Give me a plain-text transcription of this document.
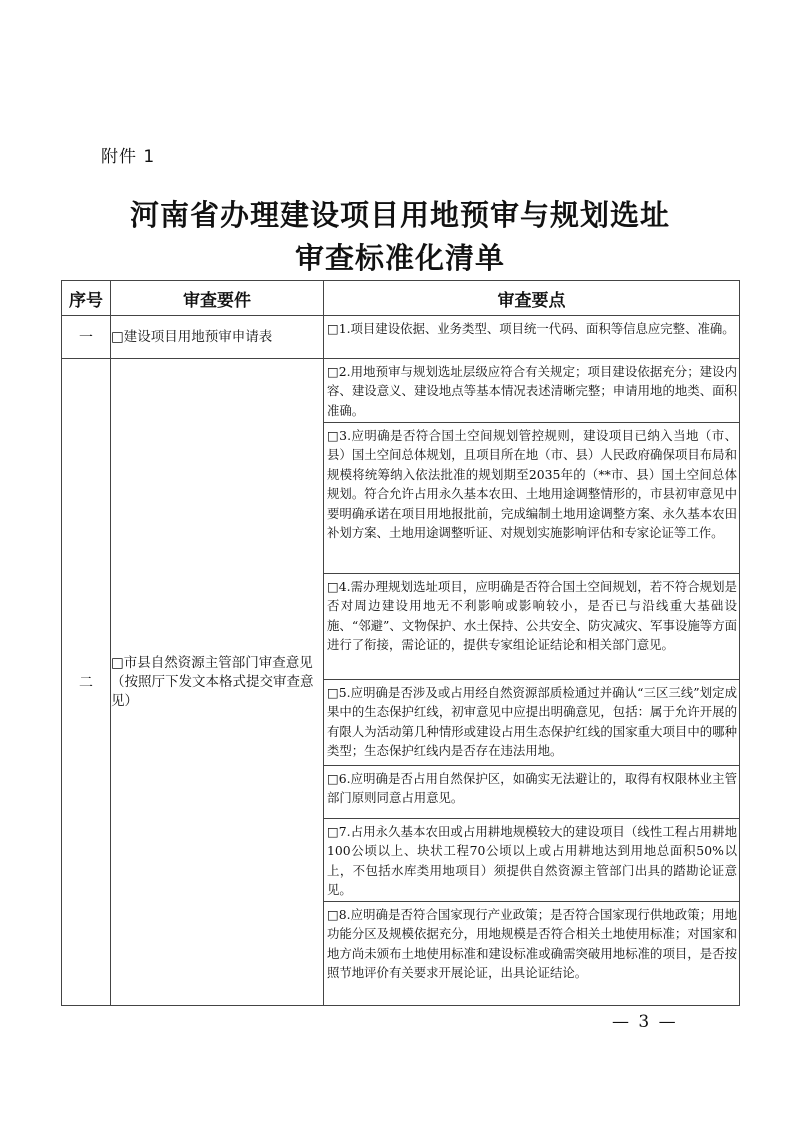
附件 1
河南省办理建设项目用地预审与规划选址
审查标准化清单
序号	审查要件	审查要点
一	□建设项目用地预审申请表	□1.项目建设依据、业务类型、项目统一代码、面积等信息应完整、准确。

二	□市县自然资源主管部门审查意见（按照厅下发文本格式提交审查意见）	□2.用地预审与规划选址层级应符合有关规定；项目建设依据充分；建设内容、建设意义、建设地点等基本情况表述清晰完整；申请用地的地类、面积准确。

		□3.应明确是否符合国土空间规划管控规则，建设项目已纳入当地（市、县）国土空间总体规划，且项目所在地（市、县）人民政府确保项目布局和规模将统筹纳入依法批准的规划期至2035年的（**市、县）国土空间总体规划。符合允许占用永久基本农田、土地用途调整情形的，市县初审意见中要明确承诺在项目用地报批前，完成编制土地用途调整方案、永久基本农田补划方案、土地用途调整听证、对规划实施影响评估和专家论证等工作。

		□4.需办理规划选址项目，应明确是否符合国土空间规划，若不符合规划是否对周边建设用地无不利影响或影响较小，是否已与沿线重大基础设施、“邻避”、文物保护、水土保持、公共安全、防灾减灾、军事设施等方面进行了衔接，需论证的，提供专家组论证结论和相关部门意见。

		□5.应明确是否涉及或占用经自然资源部质检通过并确认“三区三线”划定成果中的生态保护红线，初审意见中应提出明确意见，包括：属于允许开展的有限人为活动第几种情形或建设占用生态保护红线的国家重大项目中的哪种类型；生态保护红线内是否存在违法用地。

		□6.应明确是否占用自然保护区，如确实无法避让的，取得有权限林业主管部门原则同意占用意见。

		□7.占用永久基本农田或占用耕地规模较大的建设项目（线性工程占用耕地100公顷以上、块状工程70公顷以上或占用耕地达到用地总面积50%以上，不包括水库类用地项目）须提供自然资源主管部门出具的踏勘论证意见。

		□8.应明确是否符合国家现行产业政策；是否符合国家现行供地政策；用地功能分区及规模依据充分，用地规模是否符合相关土地使用标准；对国家和地方尚未颁布土地使用标准和建设标准或确需突破用地标准的项目，是否按照节地评价有关要求开展论证，出具论证结论。
— 3 —
